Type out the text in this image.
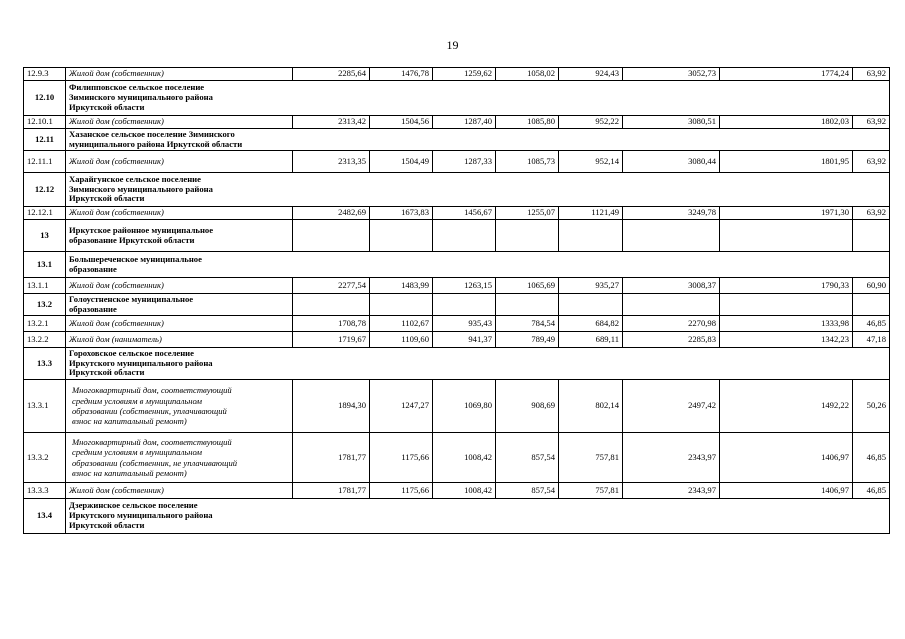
19
12.9.3	Жилой дом (собственник)	2285,64	1476,78	1259,62	1058,02	924,43	3052,73	1774,24	63,92
12.10	Филипповское сельское поселение
Зиминского муниципального района
Иркутской области								

12.10.1	Жилой дом (собственник)	2313,42	1504,56	1287,40	1085,80	952,22	3080,51	1802,03	63,92
12.11	Хазанское сельское поселение Зиминского
муниципального района Иркутской области								

12.11.1	Жилой дом (собственник)	2313,35	1504,49	1287,33	1085,73	952,14	3080,44	1801,95	63,92
12.12	Харайгунское сельское поселение
Зиминского муниципального района
Иркутской области								

12.12.1	Жилой дом (собственник)	2482,69	1673,83	1456,67	1255,07	1121,49	3249,78	1971,30	63,92
13	Иркутское районное муниципальное
образование Иркутской области								

13.1	Большереченское муниципальное
образование								

13.1.1	Жилой дом (собственник)	2277,54	1483,99	1263,15	1065,69	935,27	3008,37	1790,33	60,90
13.2	Голоустненское муниципальное
образование								

13.2.1	Жилой дом (собственник)	1708,78	1102,67	935,43	784,54	684,82	2270,98	1333,98	46,85
13.2.2	Жилой дом (наниматель)	1719,67	1109,60	941,37	789,49	689,11	2285,83	1342,23	47,18
13.3	Гороховское сельское поселение
Иркутского муниципального района
Иркутской области								

13.3.1	Многоквартирный дом, соответствующий
средним условиям в муниципальном
образовании (собственник, уплачивающий
взнос на капитальный ремонт)	1894,30	1247,27	1069,80	908,69	802,14	2497,42	1492,22	50,26
13.3.2	Многоквартирный дом, соответствующий
средним условиям в муниципальном
образовании (собственник, не уплачивающий
взнос на капитальный ремонт)	1781,77	1175,66	1008,42	857,54	757,81	2343,97	1406,97	46,85
13.3.3	Жилой дом (собственник)	1781,77	1175,66	1008,42	857,54	757,81	2343,97	1406,97	46,85
13.4	Дзержинское сельское поселение
Иркутского муниципального района
Иркутской области								
